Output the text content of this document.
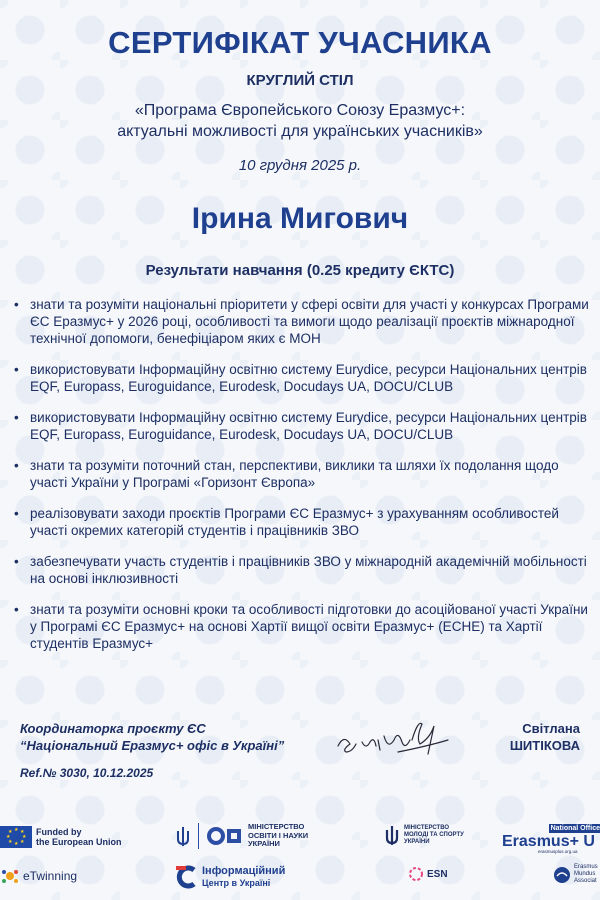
СЕРТИФІКАТ УЧАСНИКА
КРУГЛИЙ СТІЛ
«Програма Європейського Союзу Еразмус+:
актуальні можливості для українських учасників»
10 грудня 2025 р.
Ірина Мигович
Результати навчання (0.25 кредиту ЄКТС)
• знати та розуміти національні пріоритети у сфері освіти для участі у конкурсах Програми ЄС Еразмус+ у 2026 році, особливості та вимоги щодо реалізації проєктів міжнародної технічної допомоги, бенефіціаром яких є МОН
• використовувати Інформаційну освітню систему Eurydice, ресурси Національних центрів EQF, Europass, Euroguidance, Eurodesk, Docudays UA, DOCU/CLUB
• використовувати Інформаційну освітню систему Eurydice, ресурси Національних центрів EQF, Europass, Euroguidance, Eurodesk, Docudays UA, DOCU/CLUB
• знати та розуміти поточний стан, перспективи, виклики та шляхи їх подолання щодо участі України у Програмі «Горизонт Європа»
• реалізовувати заходи проєктів Програми ЄС Еразмус+ з урахуванням особливостей участі окремих категорій студентів і працівників ЗВО
• забезпечувати участь студентів і працівників ЗВО у міжнародній академічній мобільності на основі інклюзивності
• знати та розуміти основні кроки та особливості підготовки до асоційованої участі України у Програмі ЄС Еразмус+ на основі Хартії вищої освіти Еразмус+ (ECHE) та Хартії студентів Еразмус+
Координаторка проєкту ЄС
“Національний Еразмус+ офіс в Україні”
Світлана
ШИТІКОВА
Ref.№ 3030, 10.12.2025
★ ★
★
★
★
★
★
★	Funded by
the European Union
МІНІСТЕРСТВО
ОСВІТИ І НАУКИ
УКРАЇНИ
МІНІСТЕРСТВО
МОЛОДІ ТА СПОРТУ
УКРАЇНИ
National Office
Erasmus+ U
erasmusplus.org.ua
eTwinning	Інформаційний
Центр в Україні
ESN
Erasmus
Mundus
Associat
